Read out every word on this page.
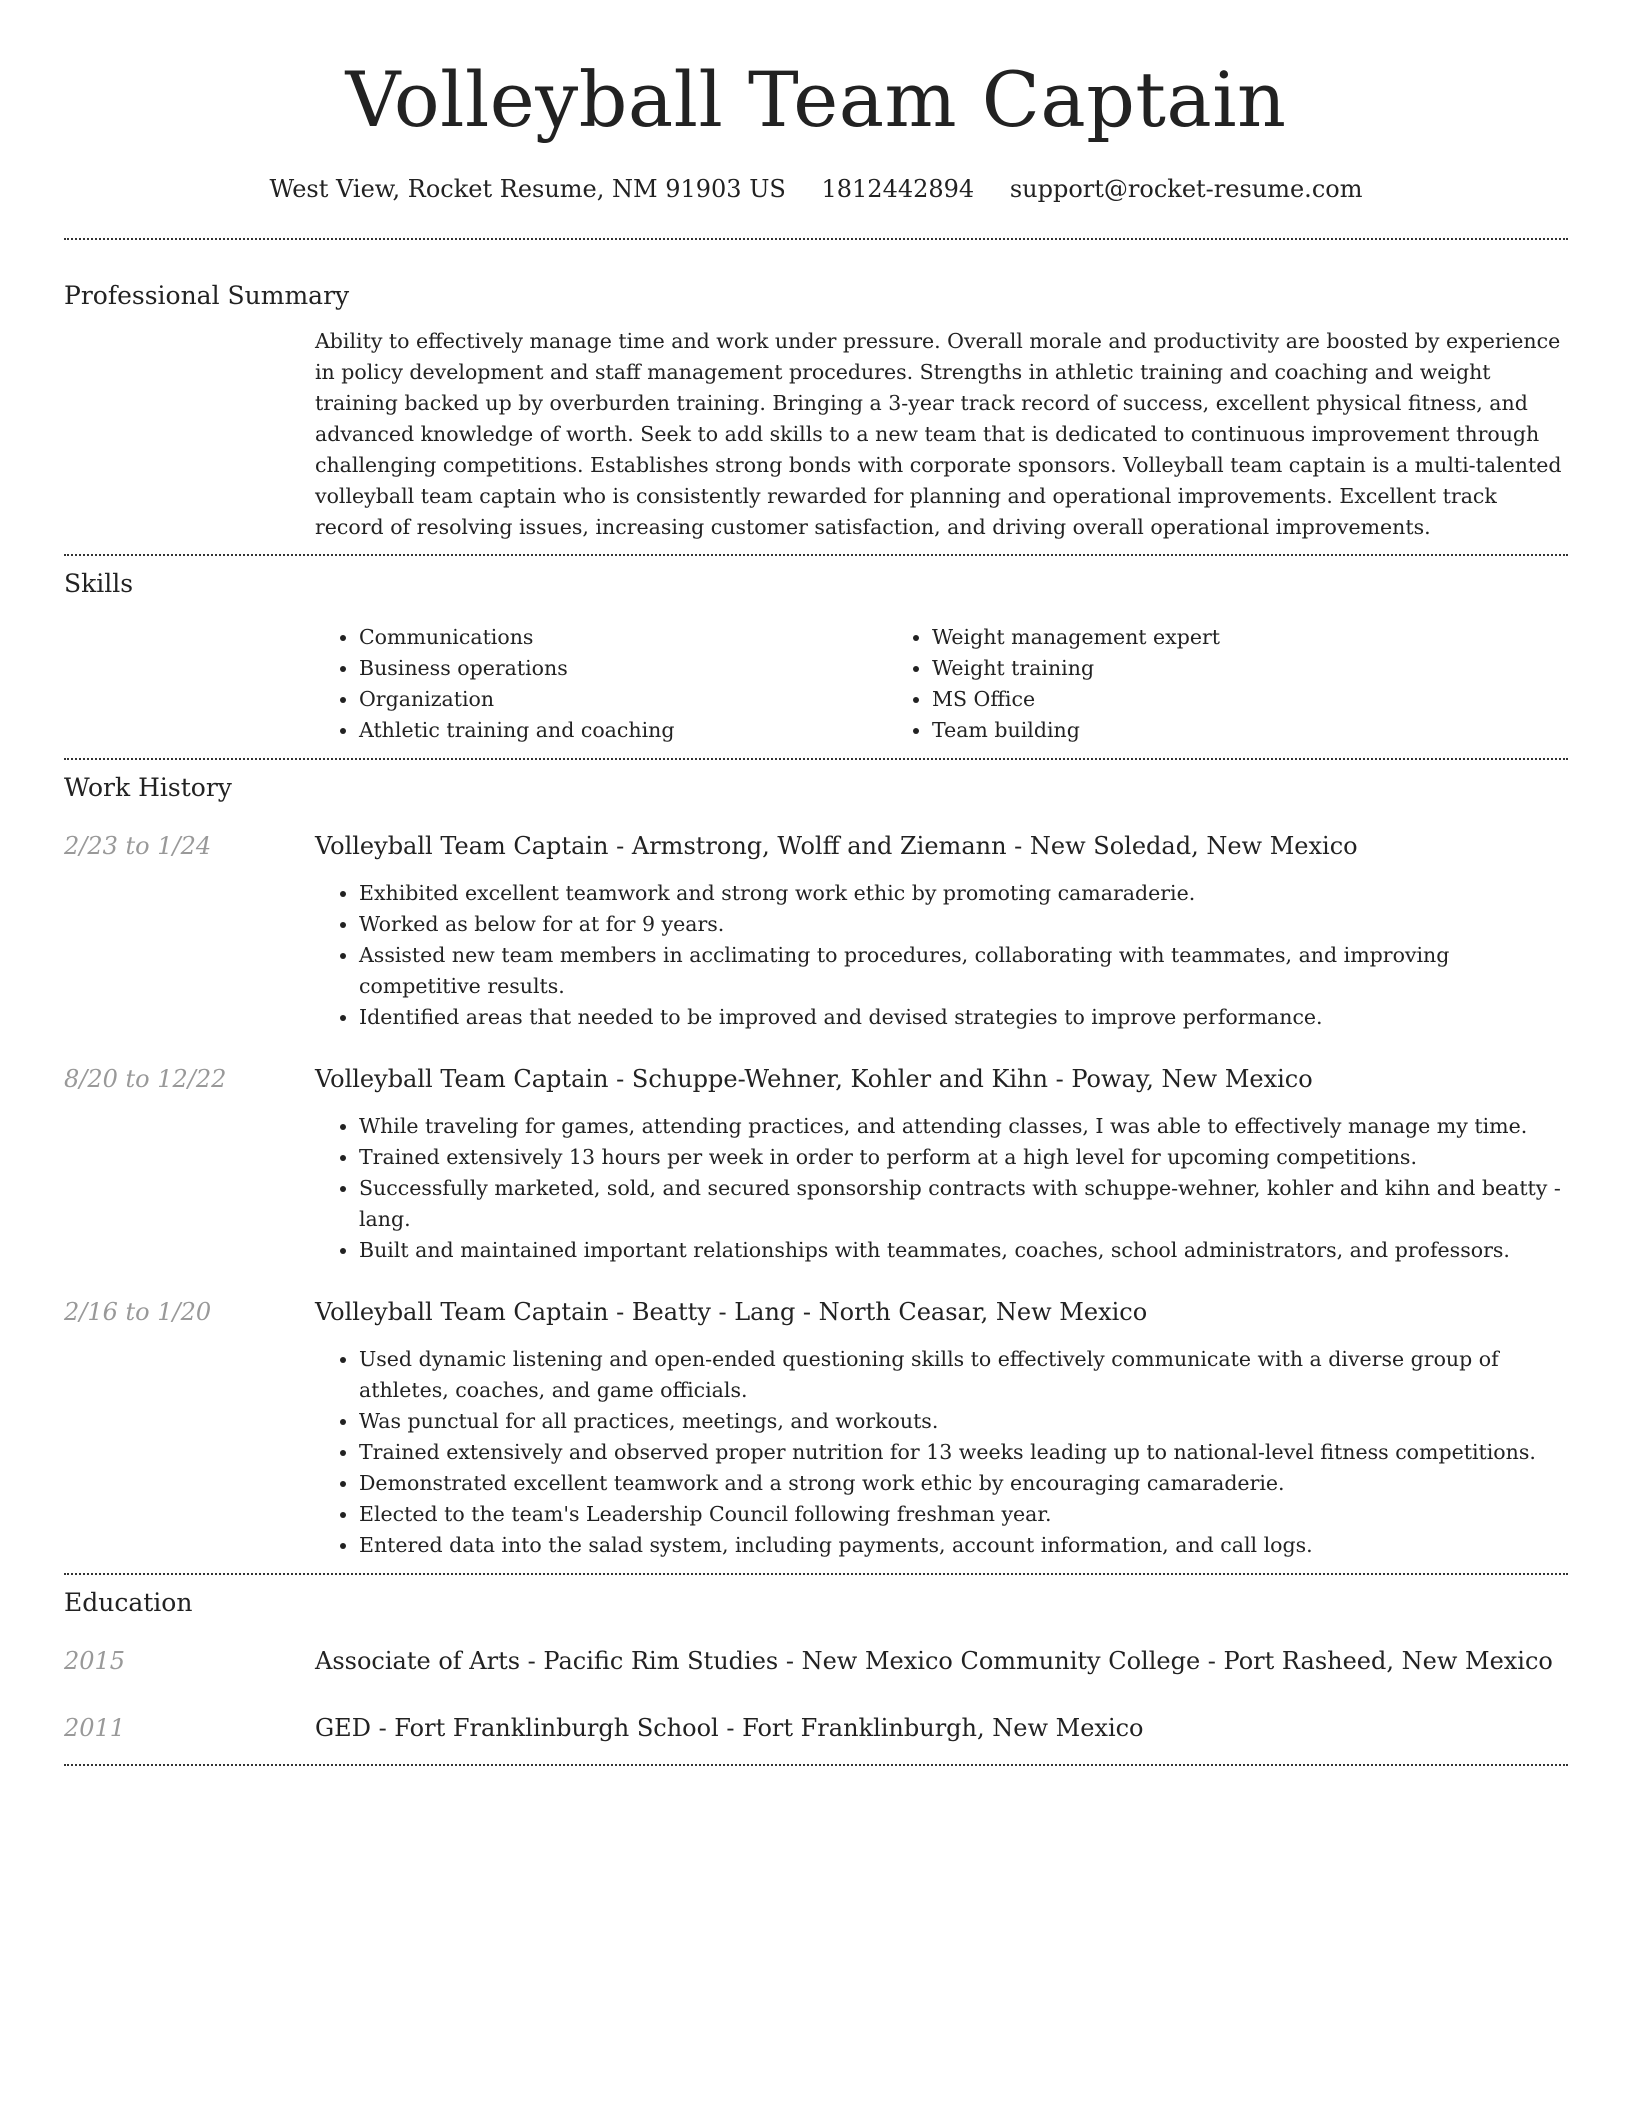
Volleyball Team Captain
West View, Rocket Resume, NM 91903 US 1812442894 support@rocket-resume.com
Professional Summary

Ability to effectively manage time and work under pressure. Overall morale and productivity are boosted by experience in policy development and staff management procedures. Strengths in athletic training and coaching and weight training backed up by overburden training. Bringing a 3-year track record of success, excellent physical fitness, and advanced knowledge of worth. Seek to add skills to a new team that is dedicated to continuous improvement through challenging competitions. Establishes strong bonds with corporate sponsors. Volleyball team captain is a multi-talented volleyball team captain who is consistently rewarded for planning and operational improvements. Excellent track record of resolving issues, increasing customer satisfaction, and driving overall operational improvements.

Skills
• Communications
• Business operations
• Organization
• Athletic training and coaching
• Weight management expert
• Weight training
• MS Office
• Team building
Work History
2/23 to 1/24	Volleyball Team Captain - Armstrong, Wolff and Ziemann - New Soledad, New Mexico
• Exhibited excellent teamwork and strong work ethic by promoting camaraderie.
• Worked as below for at for 9 years.
• Assisted new team members in acclimating to procedures, collaborating with teammates, and improving competitive results.
• Identified areas that needed to be improved and devised strategies to improve performance.
8/20 to 12/22	Volleyball Team Captain - Schuppe-Wehner, Kohler and Kihn - Poway, New Mexico
• While traveling for games, attending practices, and attending classes, I was able to effectively manage my time.
• Trained extensively 13 hours per week in order to perform at a high level for upcoming competitions.
• Successfully marketed, sold, and secured sponsorship contracts with schuppe-wehner, kohler and kihn and beatty - lang.
• Built and maintained important relationships with teammates, coaches, school administrators, and professors.
2/16 to 1/20	Volleyball Team Captain - Beatty - Lang - North Ceasar, New Mexico
• Used dynamic listening and open-ended questioning skills to effectively communicate with a diverse group of athletes, coaches, and game officials.
• Was punctual for all practices, meetings, and workouts.
• Trained extensively and observed proper nutrition for 13 weeks leading up to national-level fitness competitions.
• Demonstrated excellent teamwork and a strong work ethic by encouraging camaraderie.
• Elected to the team's Leadership Council following freshman year.
• Entered data into the salad system, including payments, account information, and call logs.
Education
2015	Associate of Arts - Pacific Rim Studies - New Mexico Community College - Port Rasheed, New Mexico
2011	GED - Fort Franklinburgh School - Fort Franklinburgh, New Mexico
